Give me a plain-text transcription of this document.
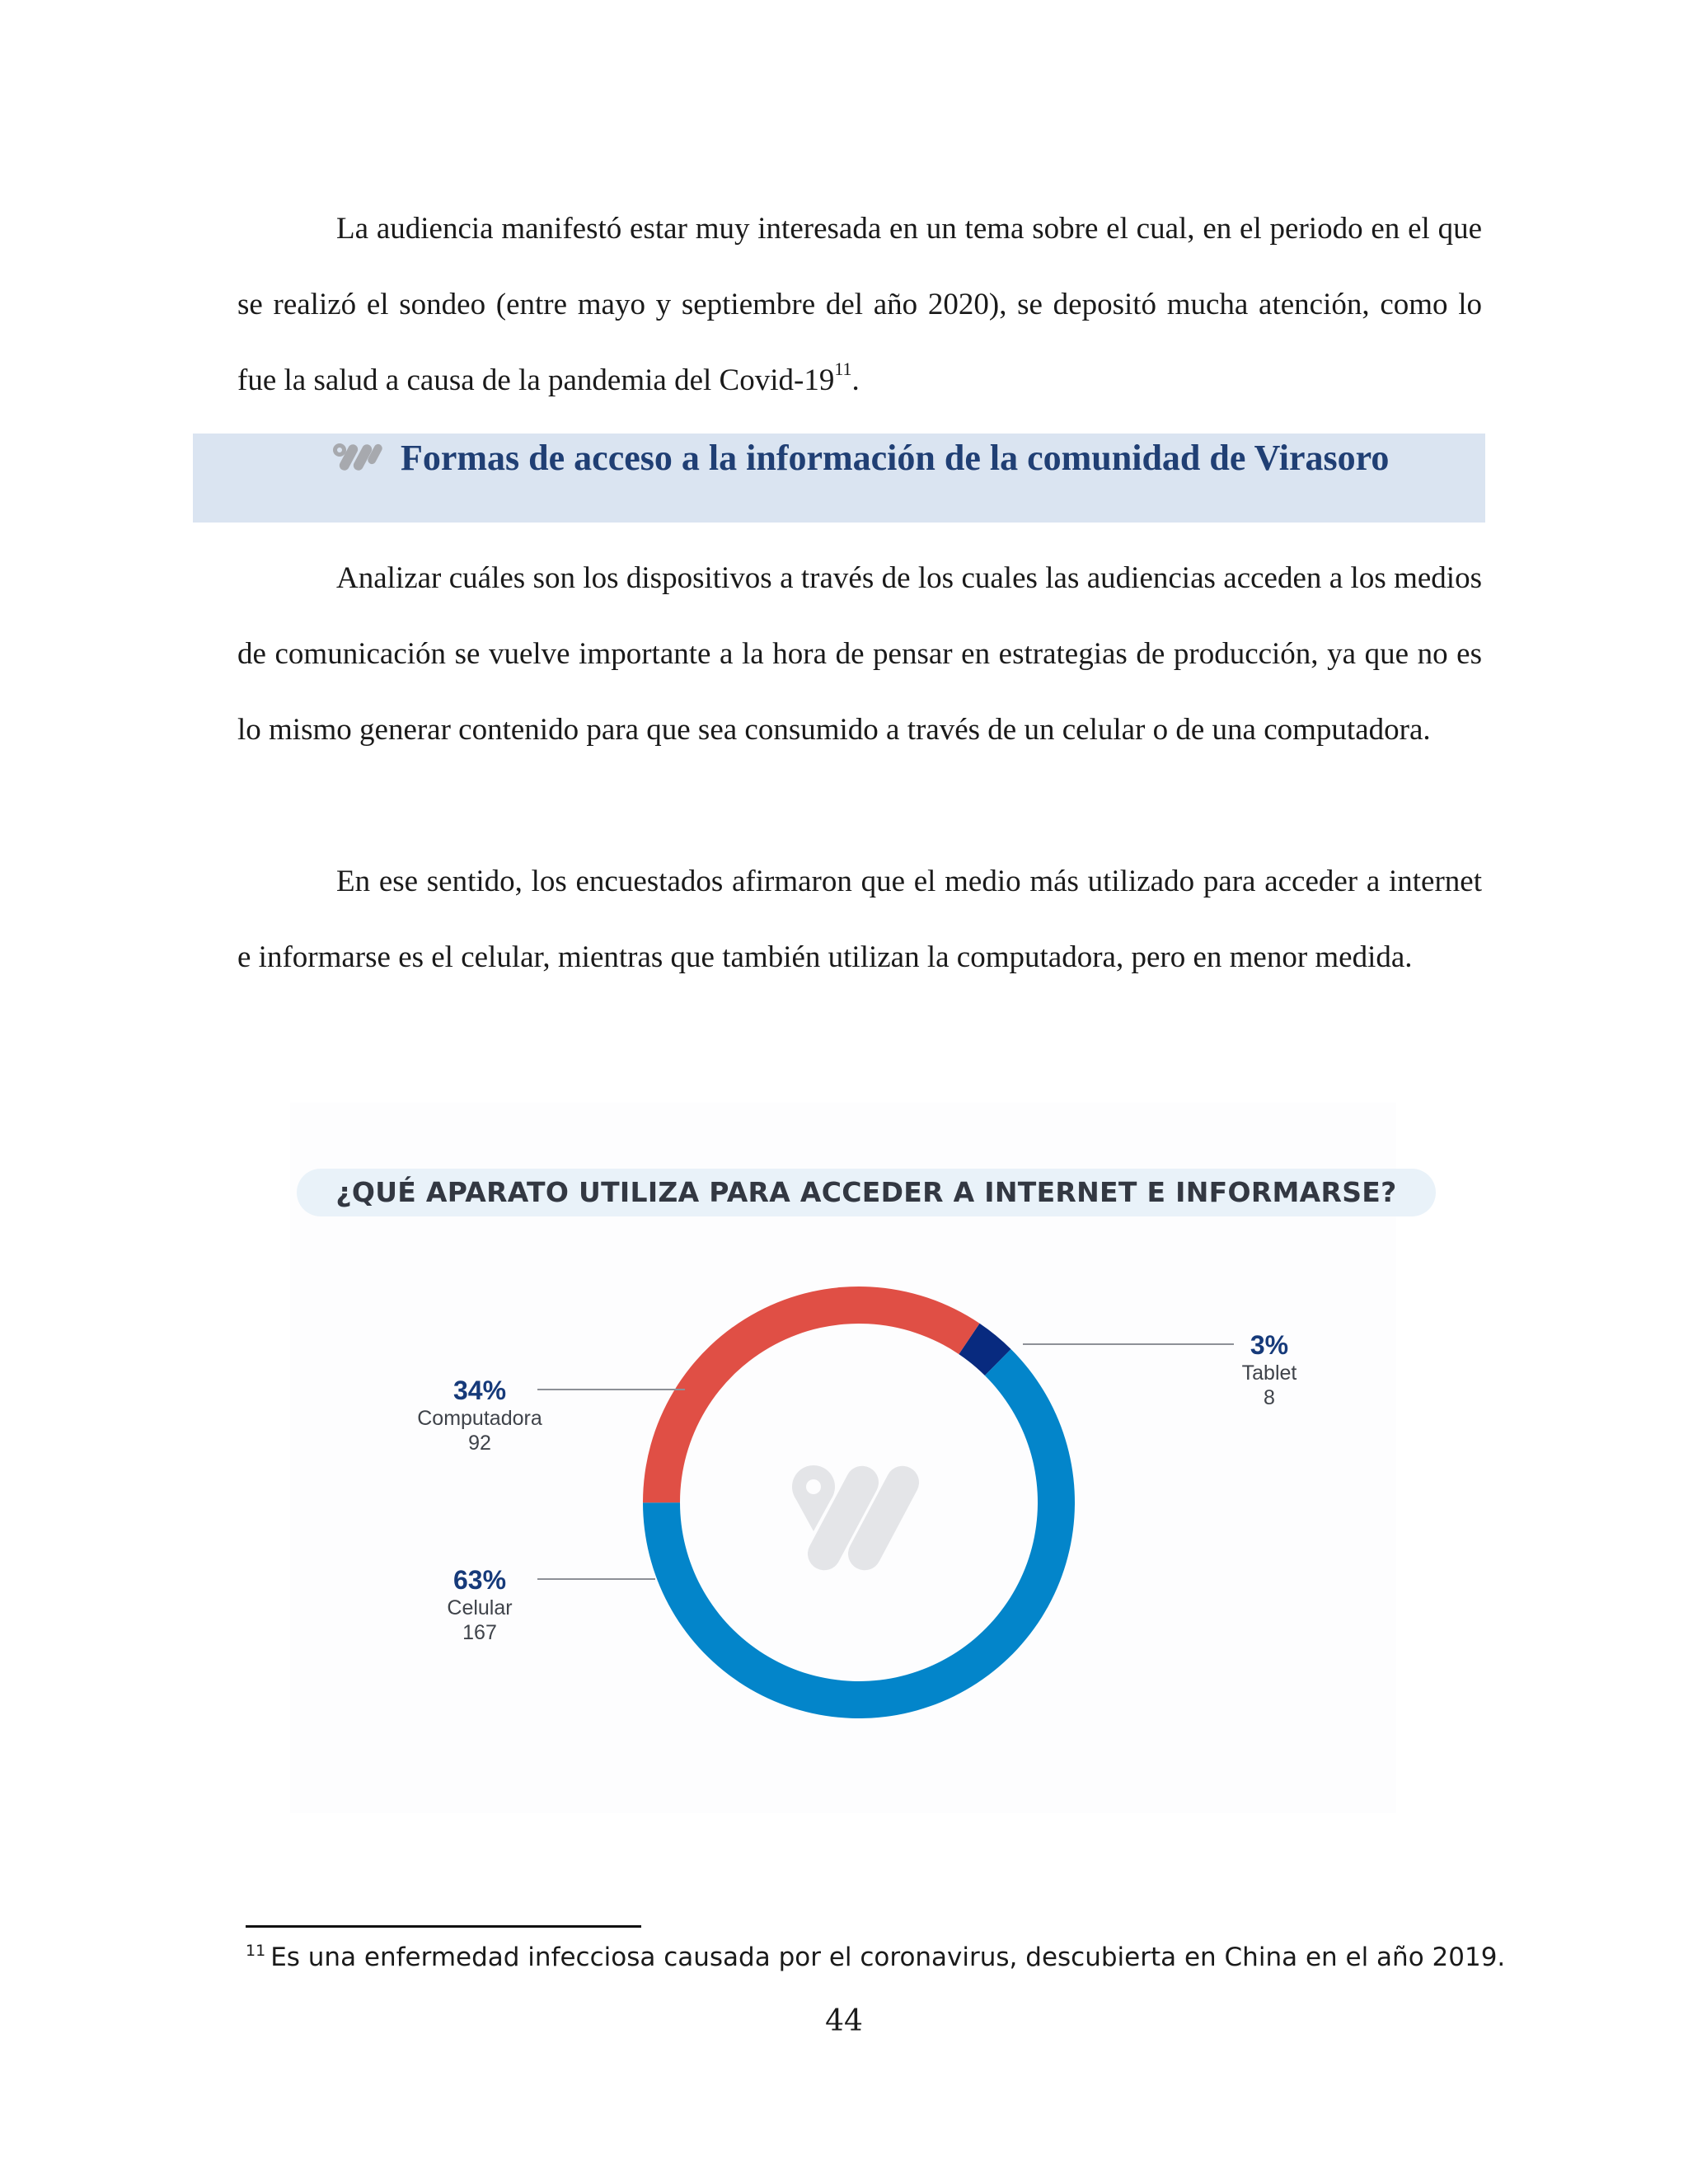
La audiencia manifestó estar muy interesada en un tema sobre el cual, en el periodo en el que se realizó el sondeo (entre mayo y septiembre del año 2020), se depositó mucha atención, como lo fue la salud a causa de la pandemia del Covid-$19^{11}$.

Formas de acceso a la información de la comunidad de Virasoro

Analizar cuáles son los dispositivos a través de los cuales las audiencias acceden a los medios de comunicación se vuelve importante a la hora de pensar en estrategias de producción, ya que no es lo mismo generar contenido para que sea consumido a través de un celular o de una computadora.

En ese sentido, los encuestados afirmaron que el medio más utilizado para acceder a internet e informarse es el celular, mientras que también utilizan la computadora, pero en menor medida.

¿QUÉ APARATO UTILIZA PARA ACCEDER A INTERNET E INFORMARSE?
3%
Tablet
8
63%
Celular
167
34%
Computadora
92
$^{11}$ Es una enfermedad infecciosa causada por el coronavirus, descubierta en China en el año 2019.
44
